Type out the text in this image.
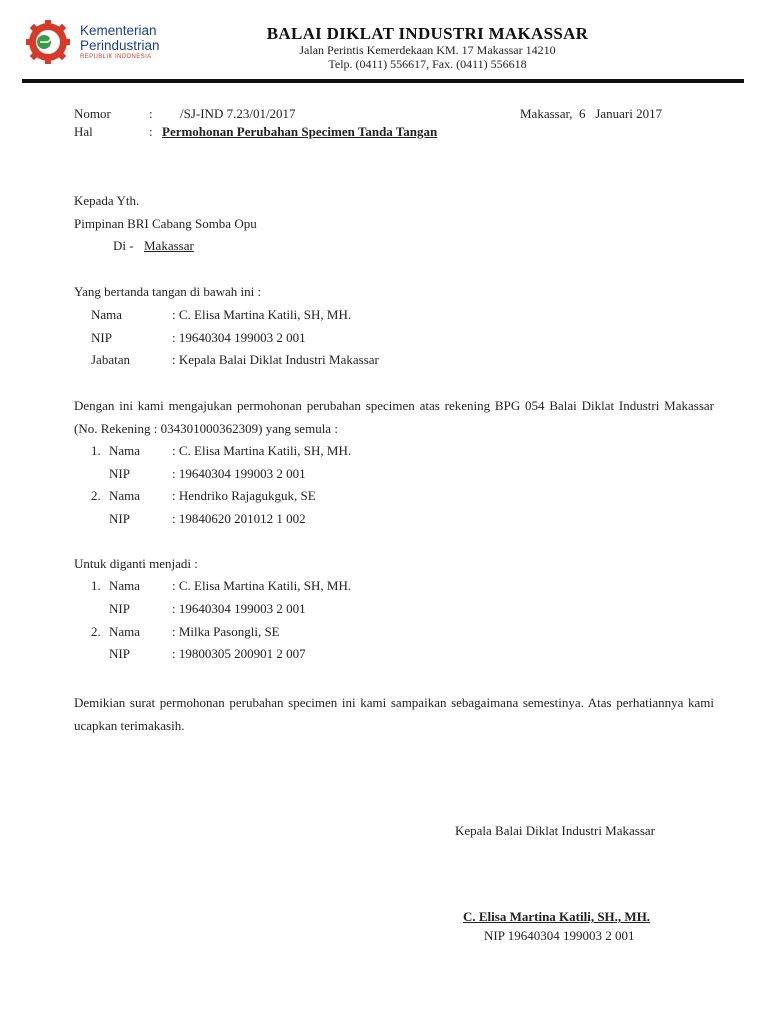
Kementerian
Perindustrian
REPUBLIK INDONESIA
BALAI DIKLAT INDUSTRI MAKASSAR
Jalan Perintis Kemerdekaan KM. 17 Makassar 14210
Telp. (0411) 556617, Fax. (0411) 556618
Nomor	: /SJ-IND 7.23/01/2017	Makassar,  6   Januari 2017
Hal	: Permohonan Perubahan Specimen Tanda Tangan
Kepada Yth.
Pimpinan BRI Cabang Somba Opu
Di - Makassar
Yang bertanda tangan di bawah ini :
Nama	: C. Elisa Martina Katili, SH, MH.
NIP	: 19640304 199003 2 001
Jabatan	: Kepala Balai Diklat Industri Makassar
Dengan ini kami mengajukan permohonan perubahan specimen atas rekening BPG 054 Balai Diklat Industri Makassar (No. Rekening : 034301000362309) yang semula :
1. Nama : C. Elisa Martina Katili, SH, MH.
NIP	: 19640304 199003 2 001
2. Nama : Hendriko Rajagukguk, SE
NIP	: 19840620 201012 1 002
Untuk diganti menjadi :
1. Nama : C. Elisa Martina Katili, SH, MH.
NIP	: 19640304 199003 2 001
2. Nama : Milka Pasongli, SE
NIP	: 19800305 200901 2 007
Demikian surat permohonan perubahan specimen ini kami sampaikan sebagaimana semestinya. Atas perhatiannya kami ucapkan terimakasih.
Kepala Balai Diklat Industri Makassar
C. Elisa Martina Katili, SH., MH.
NIP 19640304 199003 2 001
